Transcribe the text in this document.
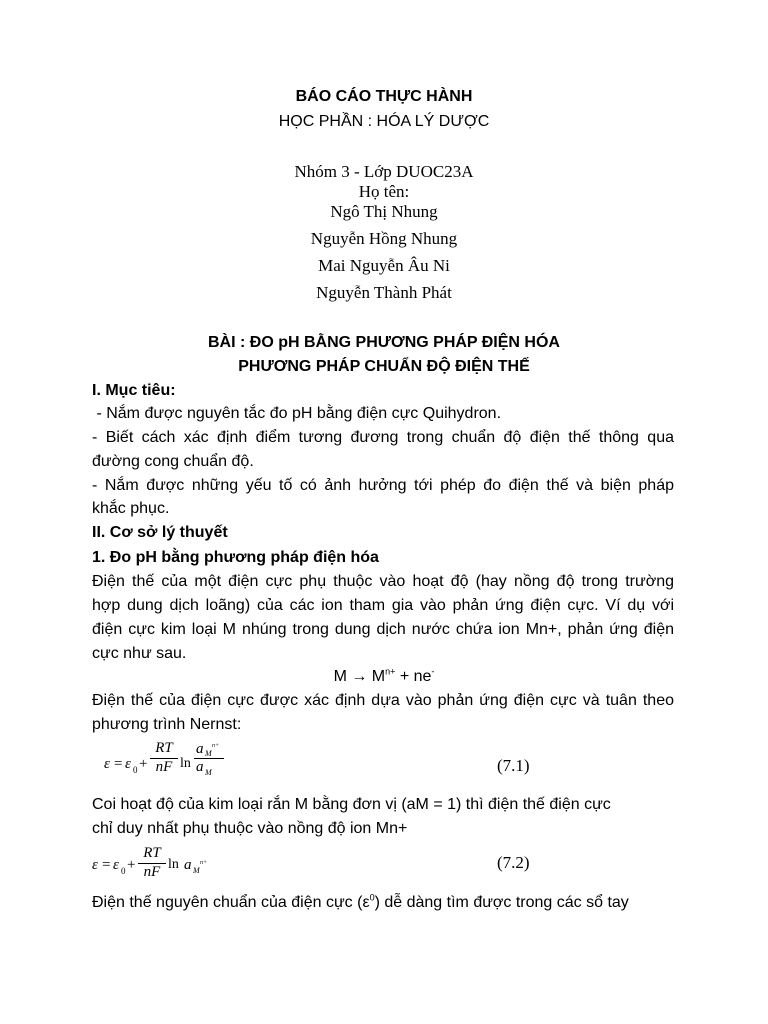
BÁO CÁO THỰC HÀNH
HỌC PHẦN : HÓA LÝ DƯỢC
Nhóm 3 - Lớp DUOC23A
Họ tên:
Ngô Thị Nhung
Nguyễn Hồng Nhung
Mai Nguyễn Âu Ni
Nguyễn Thành Phát
BÀI : ĐO pH BẰNG PHƯƠNG PHÁP ĐIỆN HÓA
PHƯƠNG PHÁP CHUẨN ĐỘ ĐIỆN THẾ
I. Mục tiêu:
- Nắm được nguyên tắc đo pH bằng điện cực Quihydron.
- Biết cách xác định điểm tương đương trong chuẩn độ điện thế thông qua
đường cong chuẩn độ.
- Nắm được những yếu tố có ảnh hưởng tới phép đo điện thế và biện pháp
khắc phục.
II. Cơ sở lý thuyết
1. Đo pH bằng phương pháp điện hóa
Điện thế của một điện cực phụ thuộc vào hoạt độ (hay nồng độ trong trường
hợp dung dịch loãng) của các ion tham gia vào phản ứng điện cực. Ví dụ với
điện cực kim loại M nhúng trong dung dịch nước chứa ion Mn+, phản ứng điện
cực như sau.
$M \to M^{n+} + ne^-$
Điện thế của điện cực được xác định dựa vào phản ứng điện cực và tuân theo
phương trình Nernst:
ε = ε 0 +
RT
nF ln
a M
n+
a M	(7.1)
Coi hoạt độ của kim loại rắn M bằng đơn vị (aM = 1) thì điện thế điện cực
chỉ duy nhất phụ thuộc vào nồng độ ion Mn+
ε = ε 0 +
RT
nF ln a M
n+	(7.2)
Điện thế nguyên chuẩn của điện cực $(\varepsilon^0)$ dễ dàng tìm được trong các sổ tay
